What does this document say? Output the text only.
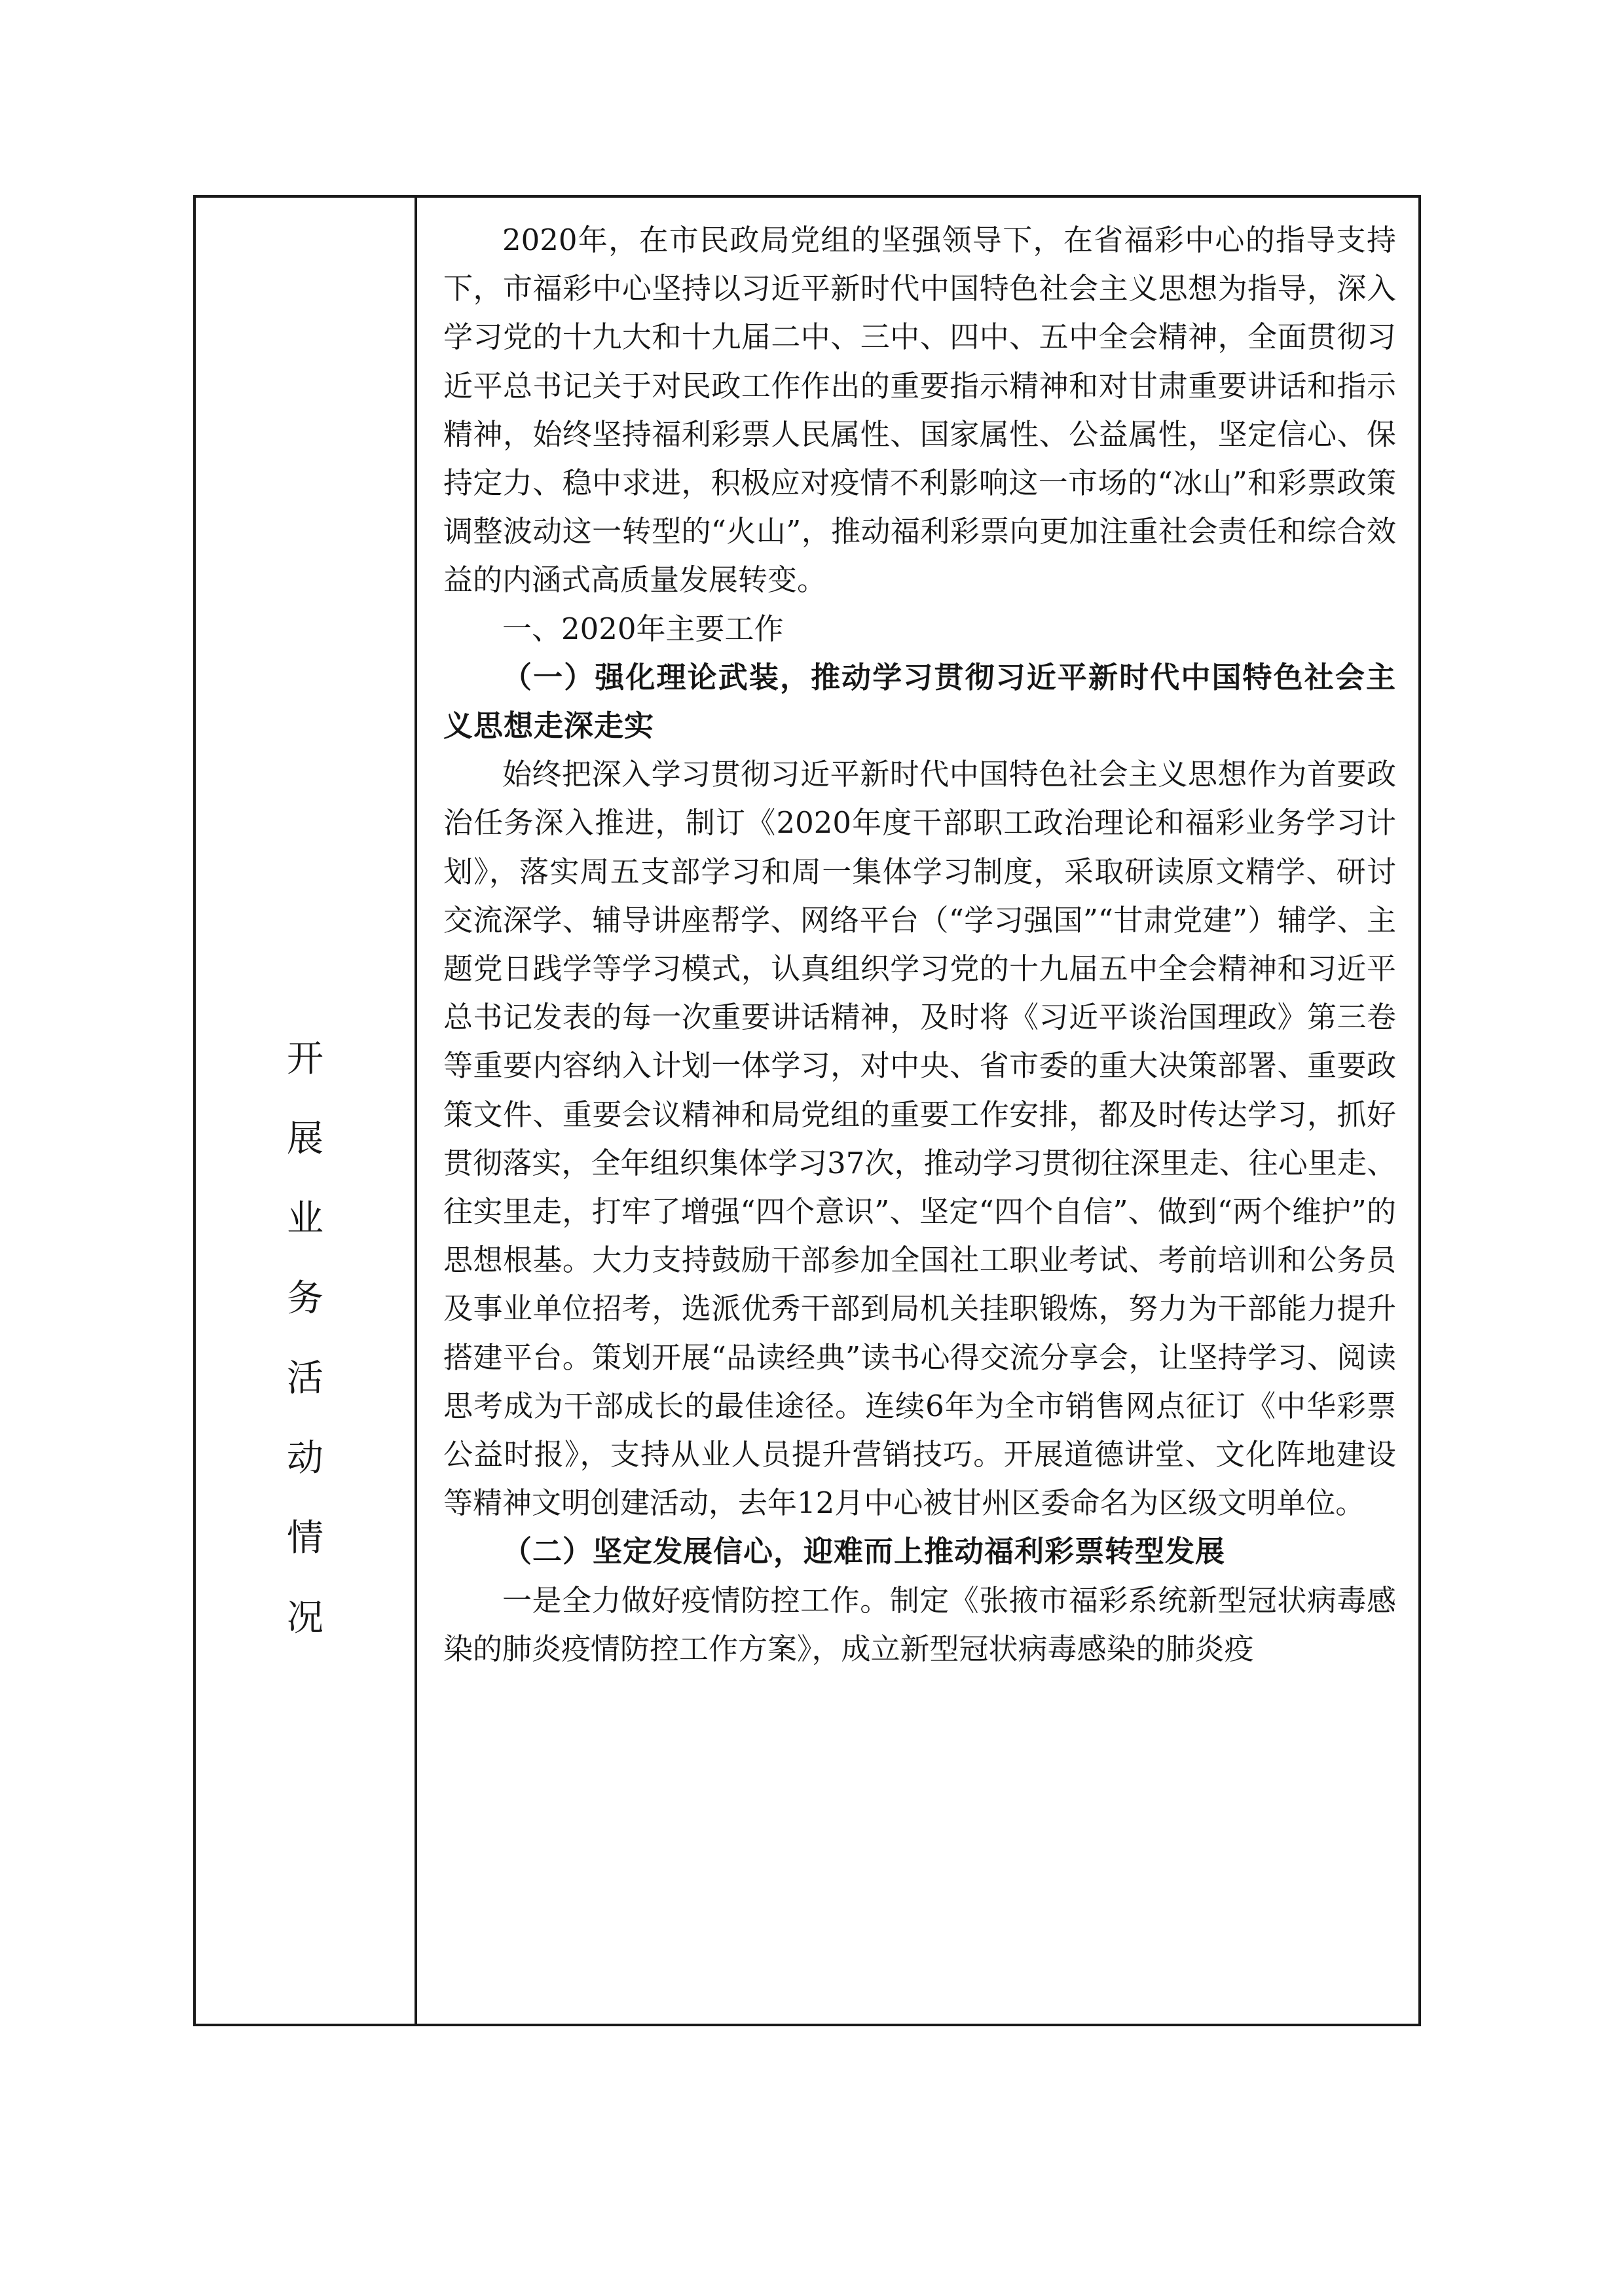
开
展
业
务
活
动
情
况

2020年，在市民政局党组的坚强领导下，在省福彩中心的指导支持下，市福彩中心坚持以习近平新时代中国特色社会主义思想为指导，深入学习党的十九大和十九届二中、三中、四中、五中全会精神，全面贯彻习近平总书记关于对民政工作作出的重要指示精神和对甘肃重要讲话和指示精神，始终坚持福利彩票人民属性、国家属性、公益属性，坚定信心、保持定力、稳中求进，积极应对疫情不利影响这一市场的“冰山”和彩票政策调整波动这一转型的“火山”，推动福利彩票向更加注重社会责任和综合效益的内涵式高质量发展转变。

一、2020年主要工作

（一）强化理论武装，推动学习贯彻习近平新时代中国特色社会主义思想走深走实

始终把深入学习贯彻习近平新时代中国特色社会主义思想作为首要政治任务深入推进，制订《2020年度干部职工政治理论和福彩业务学习计划》，落实周五支部学习和周一集体学习制度，采取研读原文精学、研讨交流深学、辅导讲座帮学、网络平台（“学习强国”“甘肃党建”）辅学、主题党日践学等学习模式，认真组织学习党的十九届五中全会精神和习近平总书记发表的每一次重要讲话精神，及时将《习近平谈治国理政》第三卷等重要内容纳入计划一体学习，对中央、省市委的重大决策部署、重要政策文件、重要会议精神和局党组的重要工作安排，都及时传达学习，抓好贯彻落实，全年组织集体学习37次，推动学习贯彻往深里走、往心里走、往实里走，打牢了增强“四个意识”、坚定“四个自信”、做到“两个维护”的思想根基。大力支持鼓励干部参加全国社工职业考试、考前培训和公务员及事业单位招考，选派优秀干部到局机关挂职锻炼，努力为干部能力提升搭建平台。策划开展“品读经典”读书心得交流分享会，让坚持学习、阅读思考成为干部成长的最佳途径。连续6年为全市销售网点征订《中华彩票公益时报》，支持从业人员提升营销技巧。开展道德讲堂、文化阵地建设等精神文明创建活动，去年12月中心被甘州区委命名为区级文明单位。

（二）坚定发展信心，迎难而上推动福利彩票转型发展

一是全力做好疫情防控工作。制定《张掖市福彩系统新型冠状病毒感染的肺炎疫情防控工作方案》，成立新型冠状病毒感染的肺炎疫
